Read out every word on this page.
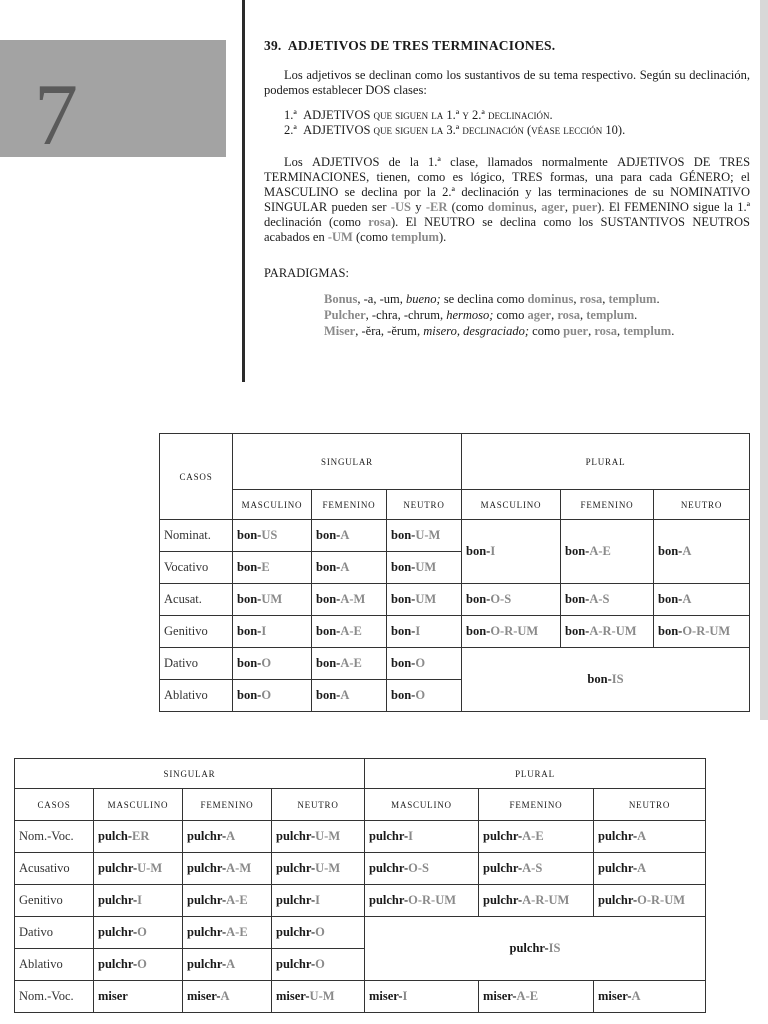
7
39. ADJETIVOS DE TRES TERMINACIONES.
Los adjetivos se declinan como los sustantivos de su tema respectivo. Según su declinación, podemos establecer DOS clases:
1.ª ADJETIVOS que siguen la 1.ª y 2.ª declinación.
2.ª ADJETIVOS que siguen la 3.ª declinación (véase lección 10).
Los ADJETIVOS de la 1.ª clase, llamados normalmente ADJETIVOS DE TRES TERMINACIONES, tienen, como es lógico, TRES formas, una para cada GÉNERO; el MASCULINO se declina por la 2.ª declinación y las terminaciones de su NOMINATIVO SINGULAR pueden ser -US y -ER (como dominus, ager, puer). El FEMENINO sigue la 1.ª declinación (como rosa). El NEUTRO se declina como los SUSTANTIVOS NEUTROS acabados en -UM (como templum).
PARADIGMAS:
Bonus, -a, -um, bueno; se declina como dominus, rosa, templum.
Pulcher, -chra, -chrum, hermoso; como ager, rosa, templum.
Miser, -ĕra, -ĕrum, misero, desgraciado; como puer, rosa, templum.
CASOS	SINGULAR			PLURAL		
	MASCULINO	FEMENINO	NEUTRO	MASCULINO	FEMENINO	NEUTRO
Nominat.	bon-US	bon-A	bon-U-M	bon-I	bon-A-E	bon-A
Vocativo	bon-E	bon-A	bon-UM			
Acusat.	bon-UM	bon-A-M	bon-UM	bon-O-S	bon-A-S	bon-A
Genitivo	bon-I	bon-A-E	bon-I	bon-O-R-UM	bon-A-R-UM	bon-O-R-UM
Dativo	bon-O	bon-A-E	bon-O	bon-IS		
Ablativo	bon-O	bon-A	bon-O			
SINGULAR				PLURAL		
CASOS	MASCULINO	FEMENINO	NEUTRO	MASCULINO	FEMENINO	NEUTRO
Nom.-Voc.	pulch-ER	pulchr-A	pulchr-U-M	pulchr-I	pulchr-A-E	pulchr-A
Acusativo	pulchr-U-M	pulchr-A-M	pulchr-U-M	pulchr-O-S	pulchr-A-S	pulchr-A
Genitivo	pulchr-I	pulchr-A-E	pulchr-I	pulchr-O-R-UM	pulchr-A-R-UM	pulchr-O-R-UM
Dativo	pulchr-O	pulchr-A-E	pulchr-O	pulchr-IS		
Ablativo	pulchr-O	pulchr-A	pulchr-O			
Nom.-Voc.	miser	miser-A	miser-U-M	miser-I	miser-A-E	miser-A
